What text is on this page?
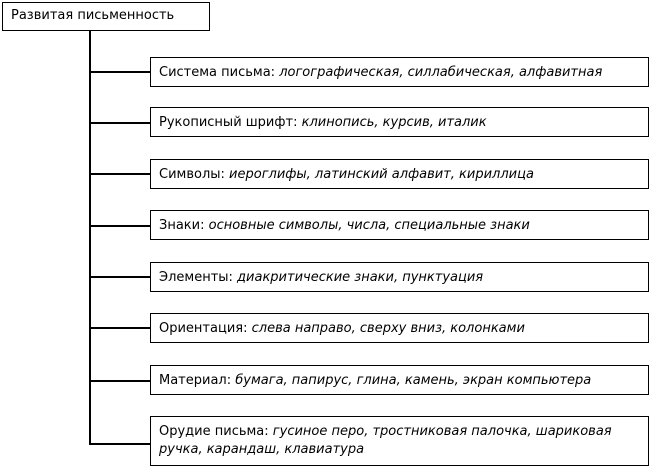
Развитая письменность
Система письма: логографическая, силлабическая, алфавитная
Рукописный шрифт: клинопись, курсив, италик
Символы: иероглифы, латинский алфавит, кириллица
Знаки: основные символы, числа, специальные знаки
Элементы: диакритические знаки, пунктуация
Ориентация: слева направо, сверху вниз, колонками
Материал: бумага, папирус, глина, камень, экран компьютера
Орудие письма: гусиное перо, тростниковая палочка, шариковая ручка, карандаш, клавиатура
